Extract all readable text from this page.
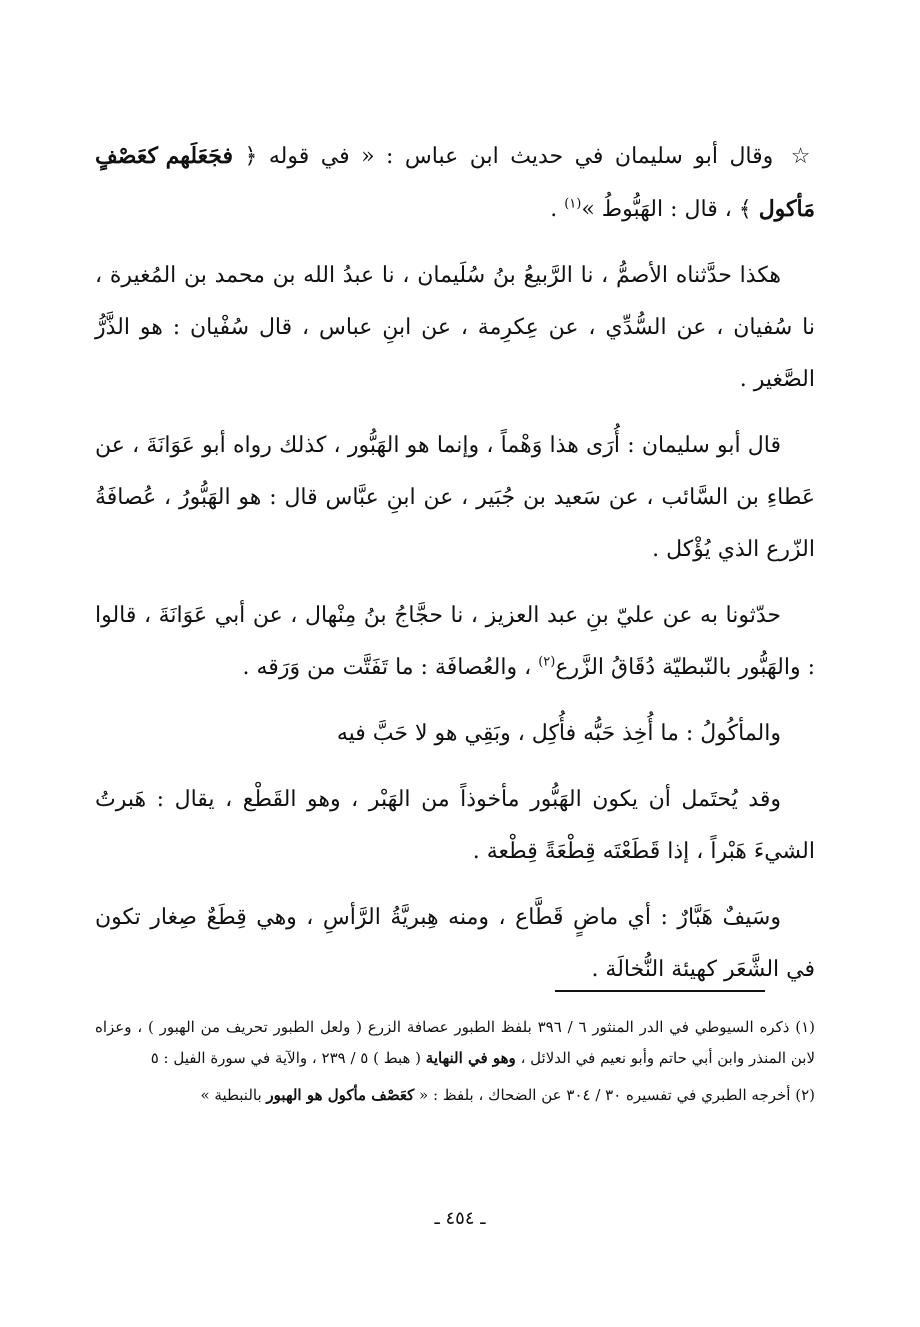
☆ وقال أبو سليمان في حديث ابن عباس : « في قوله ﴿ فجَعَلَهم كعَصْفٍ مَأكول ﴾ ، قال : الهَبُّوطُ »$^{(١)}$ .

هكذا حدَّثناه الأصمُّ ، نا الرَّبيعُ بنُ سُلَيمان ، نا عبدُ الله بن محمد بن المُغيرة ، نا سُفيان ، عن السُّدِّي ، عن عِكرِمة ، عن ابنِ عباس ، قال سُفْيان : هو الذَّرُّ الصَّغير .

قال أبو سليمان : أُرَى هذا وَهْماً ، وإنما هو الهَبُّور ، كذلك رواه أبو عَوَانَةَ ، عن عَطاءِ بن السَّائب ، عن سَعيد بن جُبَير ، عن ابنِ عبَّاس قال : هو الهَبُّورُ ، عُصافَةُ الزّرع الذي يُؤْكل .

حدّثونا به عن عليّ بنِ عبد العزيز ، نا حجَّاجُ بنُ مِنْهال ، عن أبي عَوَانَةَ ، قالوا : والهَبُّور بالنّبطيّة دُقَاقُ الزَّرع$^{(٢)}$ ، والعُصافَة : ما تَفَتَّت من وَرَقه .

والمأكُولُ : ما أُخِذ حَبُّه فأُكِل ، وبَقِي هو لا حَبَّ فيه

وقد يُحتَمل أن يكون الهَبُّور مأخوذاً من الهَبْر ، وهو القَطْع ، يقال : هَبرتُ الشيءَ هَبْراً ، إذا قَطَعْتَه قِطْعَةً قِطْعة .

وسَيفٌ هَبَّارٌ : أي ماضٍ قَطَّاع ، ومنه هِبريَّةُ الرَّأسِ ، وهي قِطَعٌ صِغار تكون في الشَّعَر كهيئة النُّخالَة .

(١) ذكره السيوطي في الدر المنثور ٦ / ٣٩٦ بلفظ الطبور عصافة الزرع ( ولعل الطبور تحريف من الهبور ) ، وعزاه لابن المنذر وابن أبي حاتم وأبو نعيم في الدلائل ، وهو في النهاية ( هبط ) ٥ / ٢٣٩ ، والآية في سورة الفيل : ٥

(٢) أخرجه الطبري في تفسيره ٣٠ / ٣٠٤ عن الضحاك ، بلفظ : « كعَصْف مأكول هو الهبور بالنبطية »

ـ ٤٥٤ ـ
